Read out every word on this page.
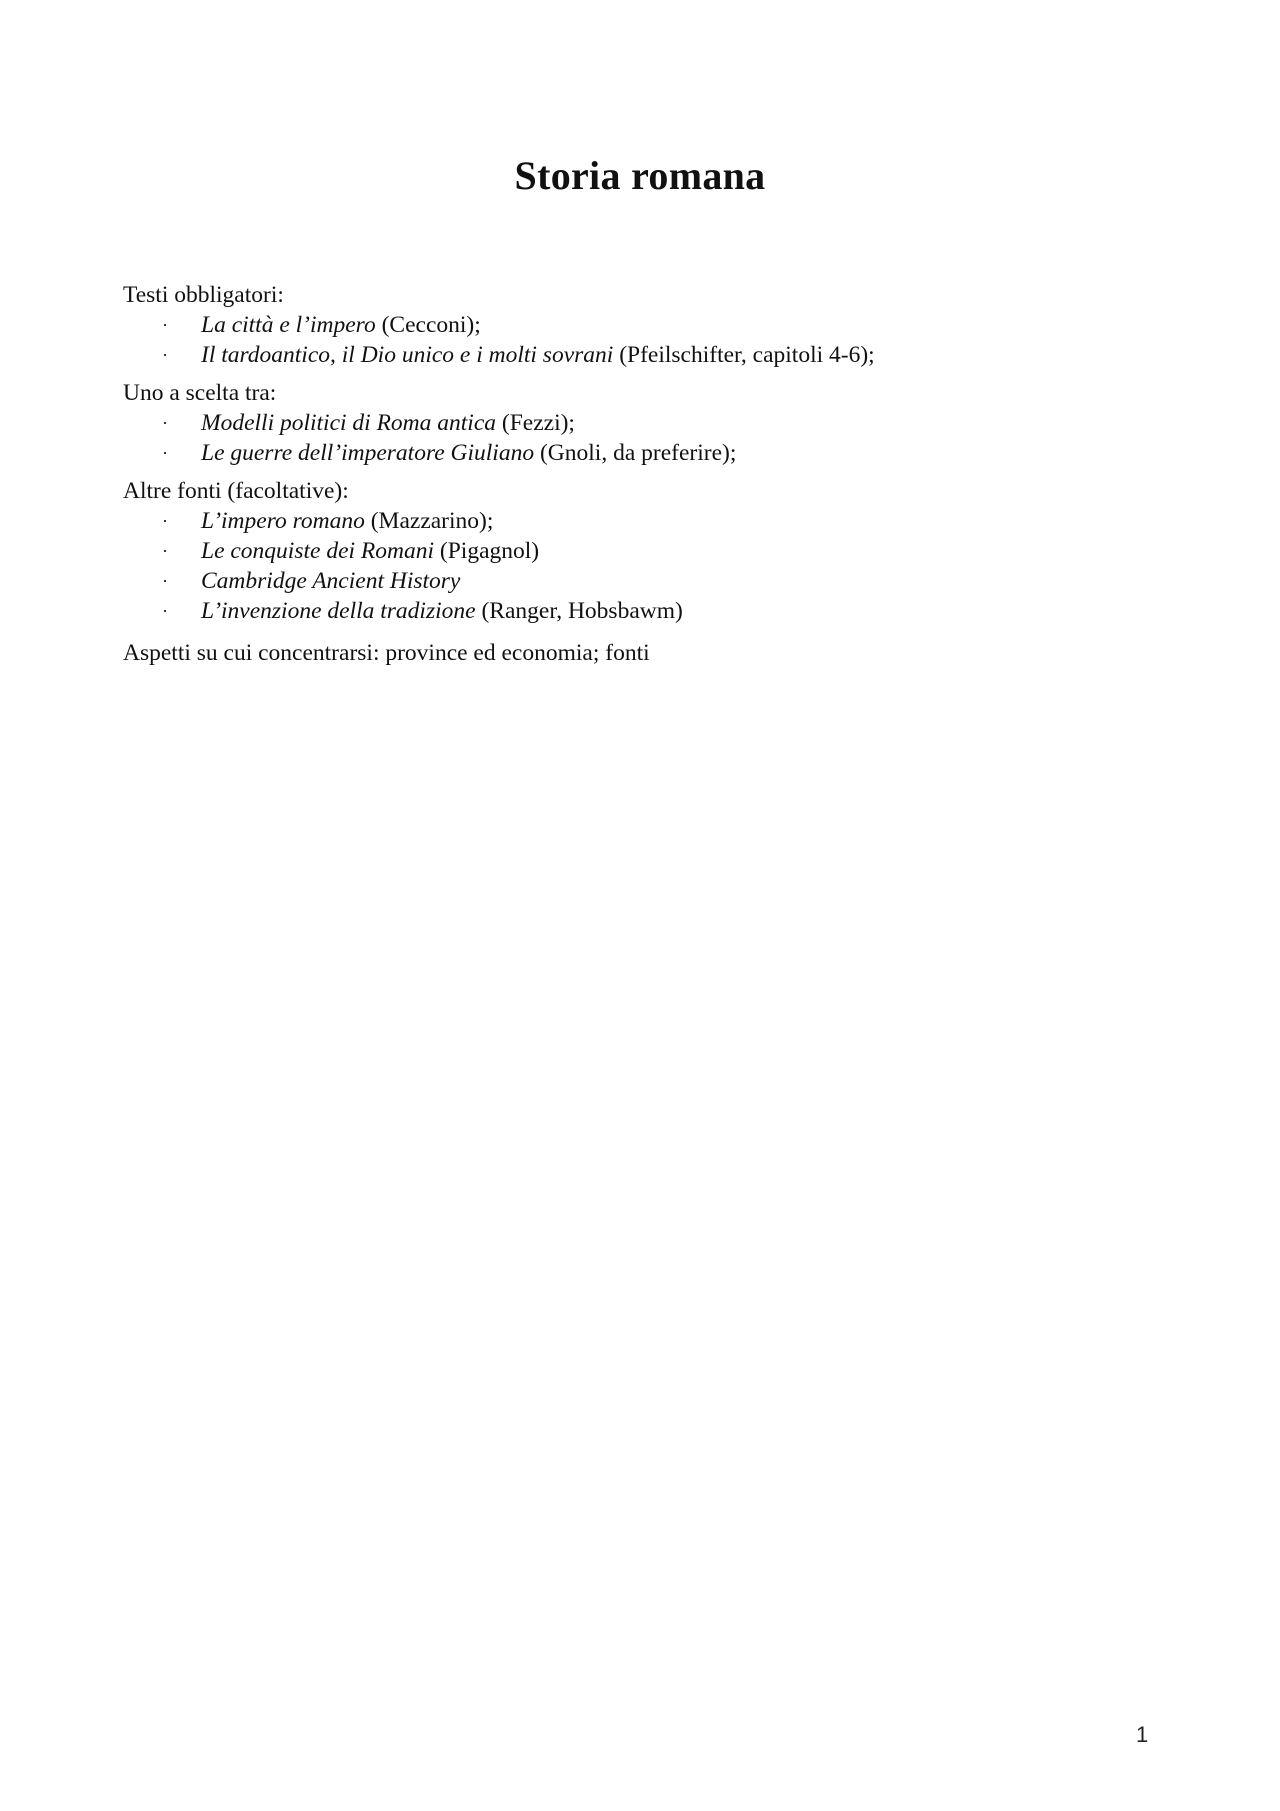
Storia romana
Testi obbligatori:
· La città e l’impero (Cecconi);
· Il tardoantico, il Dio unico e i molti sovrani (Pfeilschifter, capitoli 4-6);
Uno a scelta tra:
· Modelli politici di Roma antica (Fezzi);
· Le guerre dell’imperatore Giuliano (Gnoli, da preferire);
Altre fonti (facoltative):
· L’impero romano (Mazzarino);
· Le conquiste dei Romani (Pigagnol)
· Cambridge Ancient History
· L’invenzione della tradizione (Ranger, Hobsbawm)
Aspetti su cui concentrarsi: province ed economia; fonti
1
